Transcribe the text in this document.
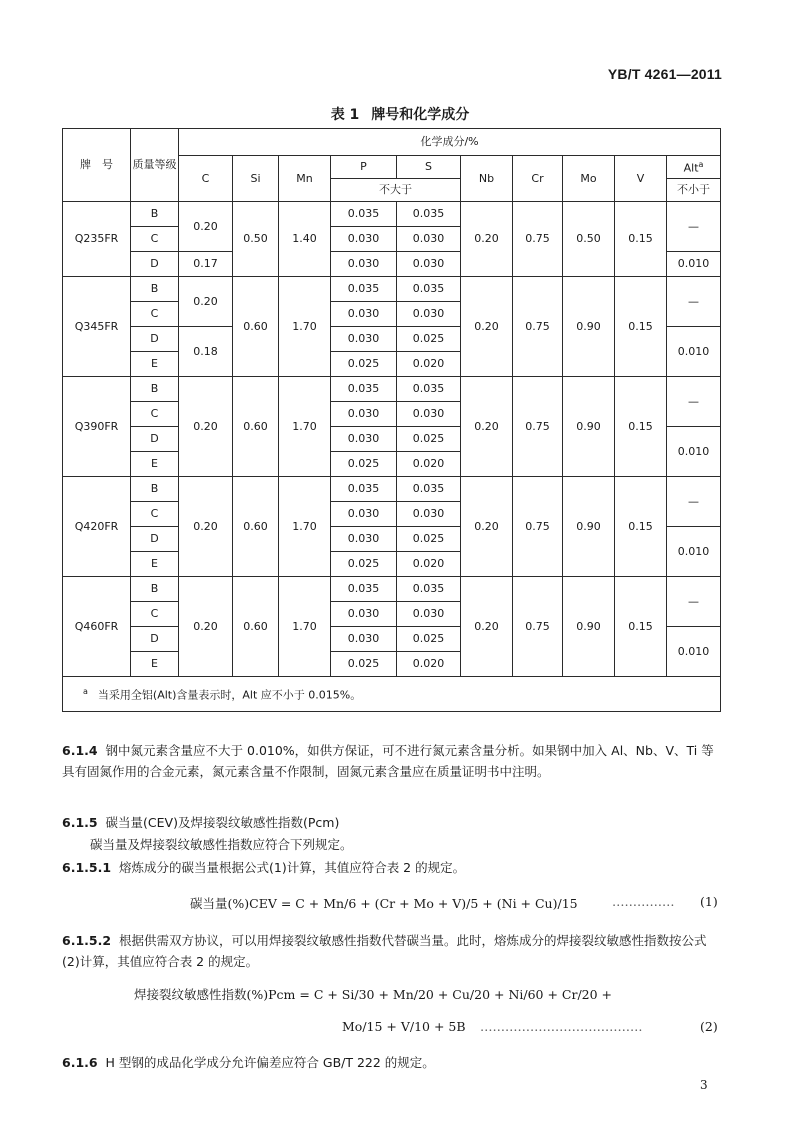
YB/T 4261—2011
表 1 牌号和化学成分
牌　号	质量等级	化学成分/%									
		C	Si	Mn	P	S	Nb	Cr	Mo	V	Alt$^a$
					不大于						不小于
Q235FR	B	0.20	0.50	1.40	0.035	0.035	0.20	0.75	0.50	0.15	—
	C				0.030	0.030					
	D	0.17			0.030	0.030					0.010
Q345FR	B	0.20	0.60	1.70	0.035	0.035	0.20	0.75	0.90	0.15	—
	C				0.030	0.030					
	D	0.18			0.030	0.025					0.010
	E				0.025	0.020					
Q390FR	B	0.20	0.60	1.70	0.035	0.035	0.20	0.75	0.90	0.15	—
	C				0.030	0.030					
	D				0.030	0.025					0.010
	E				0.025	0.020					
Q420FR	B	0.20	0.60	1.70	0.035	0.035	0.20	0.75	0.90	0.15	—
	C				0.030	0.030					
	D				0.030	0.025					0.010
	E				0.025	0.020					
Q460FR	B	0.20	0.60	1.70	0.035	0.035	0.20	0.75	0.90	0.15	—
	C				0.030	0.030					
	D				0.030	0.025					0.010
	E				0.025	0.020					
$^a$ 当采用全铝(Alt)含量表示时，Alt 应不小于 0.015%。											
6.1.4 钢中氮元素含量应不大于 0.010%，如供方保证，可不进行氮元素含量分析。如果钢中加入 Al、Nb、V、Ti 等具有固氮作用的合金元素，氮元素含量不作限制，固氮元素含量应在质量证明书中注明。
6.1.5 碳当量(CEV)及焊接裂纹敏感性指数(Pcm)
碳当量及焊接裂纹敏感性指数应符合下列规定。
6.1.5.1 熔炼成分的碳当量根据公式(1)计算，其值应符合表 2 的规定。
碳当量(%)CEV = C + Mn/6 + (Cr + Mo + V)/5 + (Ni + Cu)/15	…………… (1)
6.1.5.2 根据供需双方协议，可以用焊接裂纹敏感性指数代替碳当量。此时，熔炼成分的焊接裂纹敏感性指数按公式(2)计算，其值应符合表 2 的规定。
焊接裂纹敏感性指数(%)Pcm = C + Si/30 + Mn/20 + Cu/20 + Ni/60 + Cr/20 +
Mo/15 + V/10 + 5B …………………………………	(2)
6.1.6 H 型钢的成品化学成分允许偏差应符合 GB/T 222 的规定。
3
